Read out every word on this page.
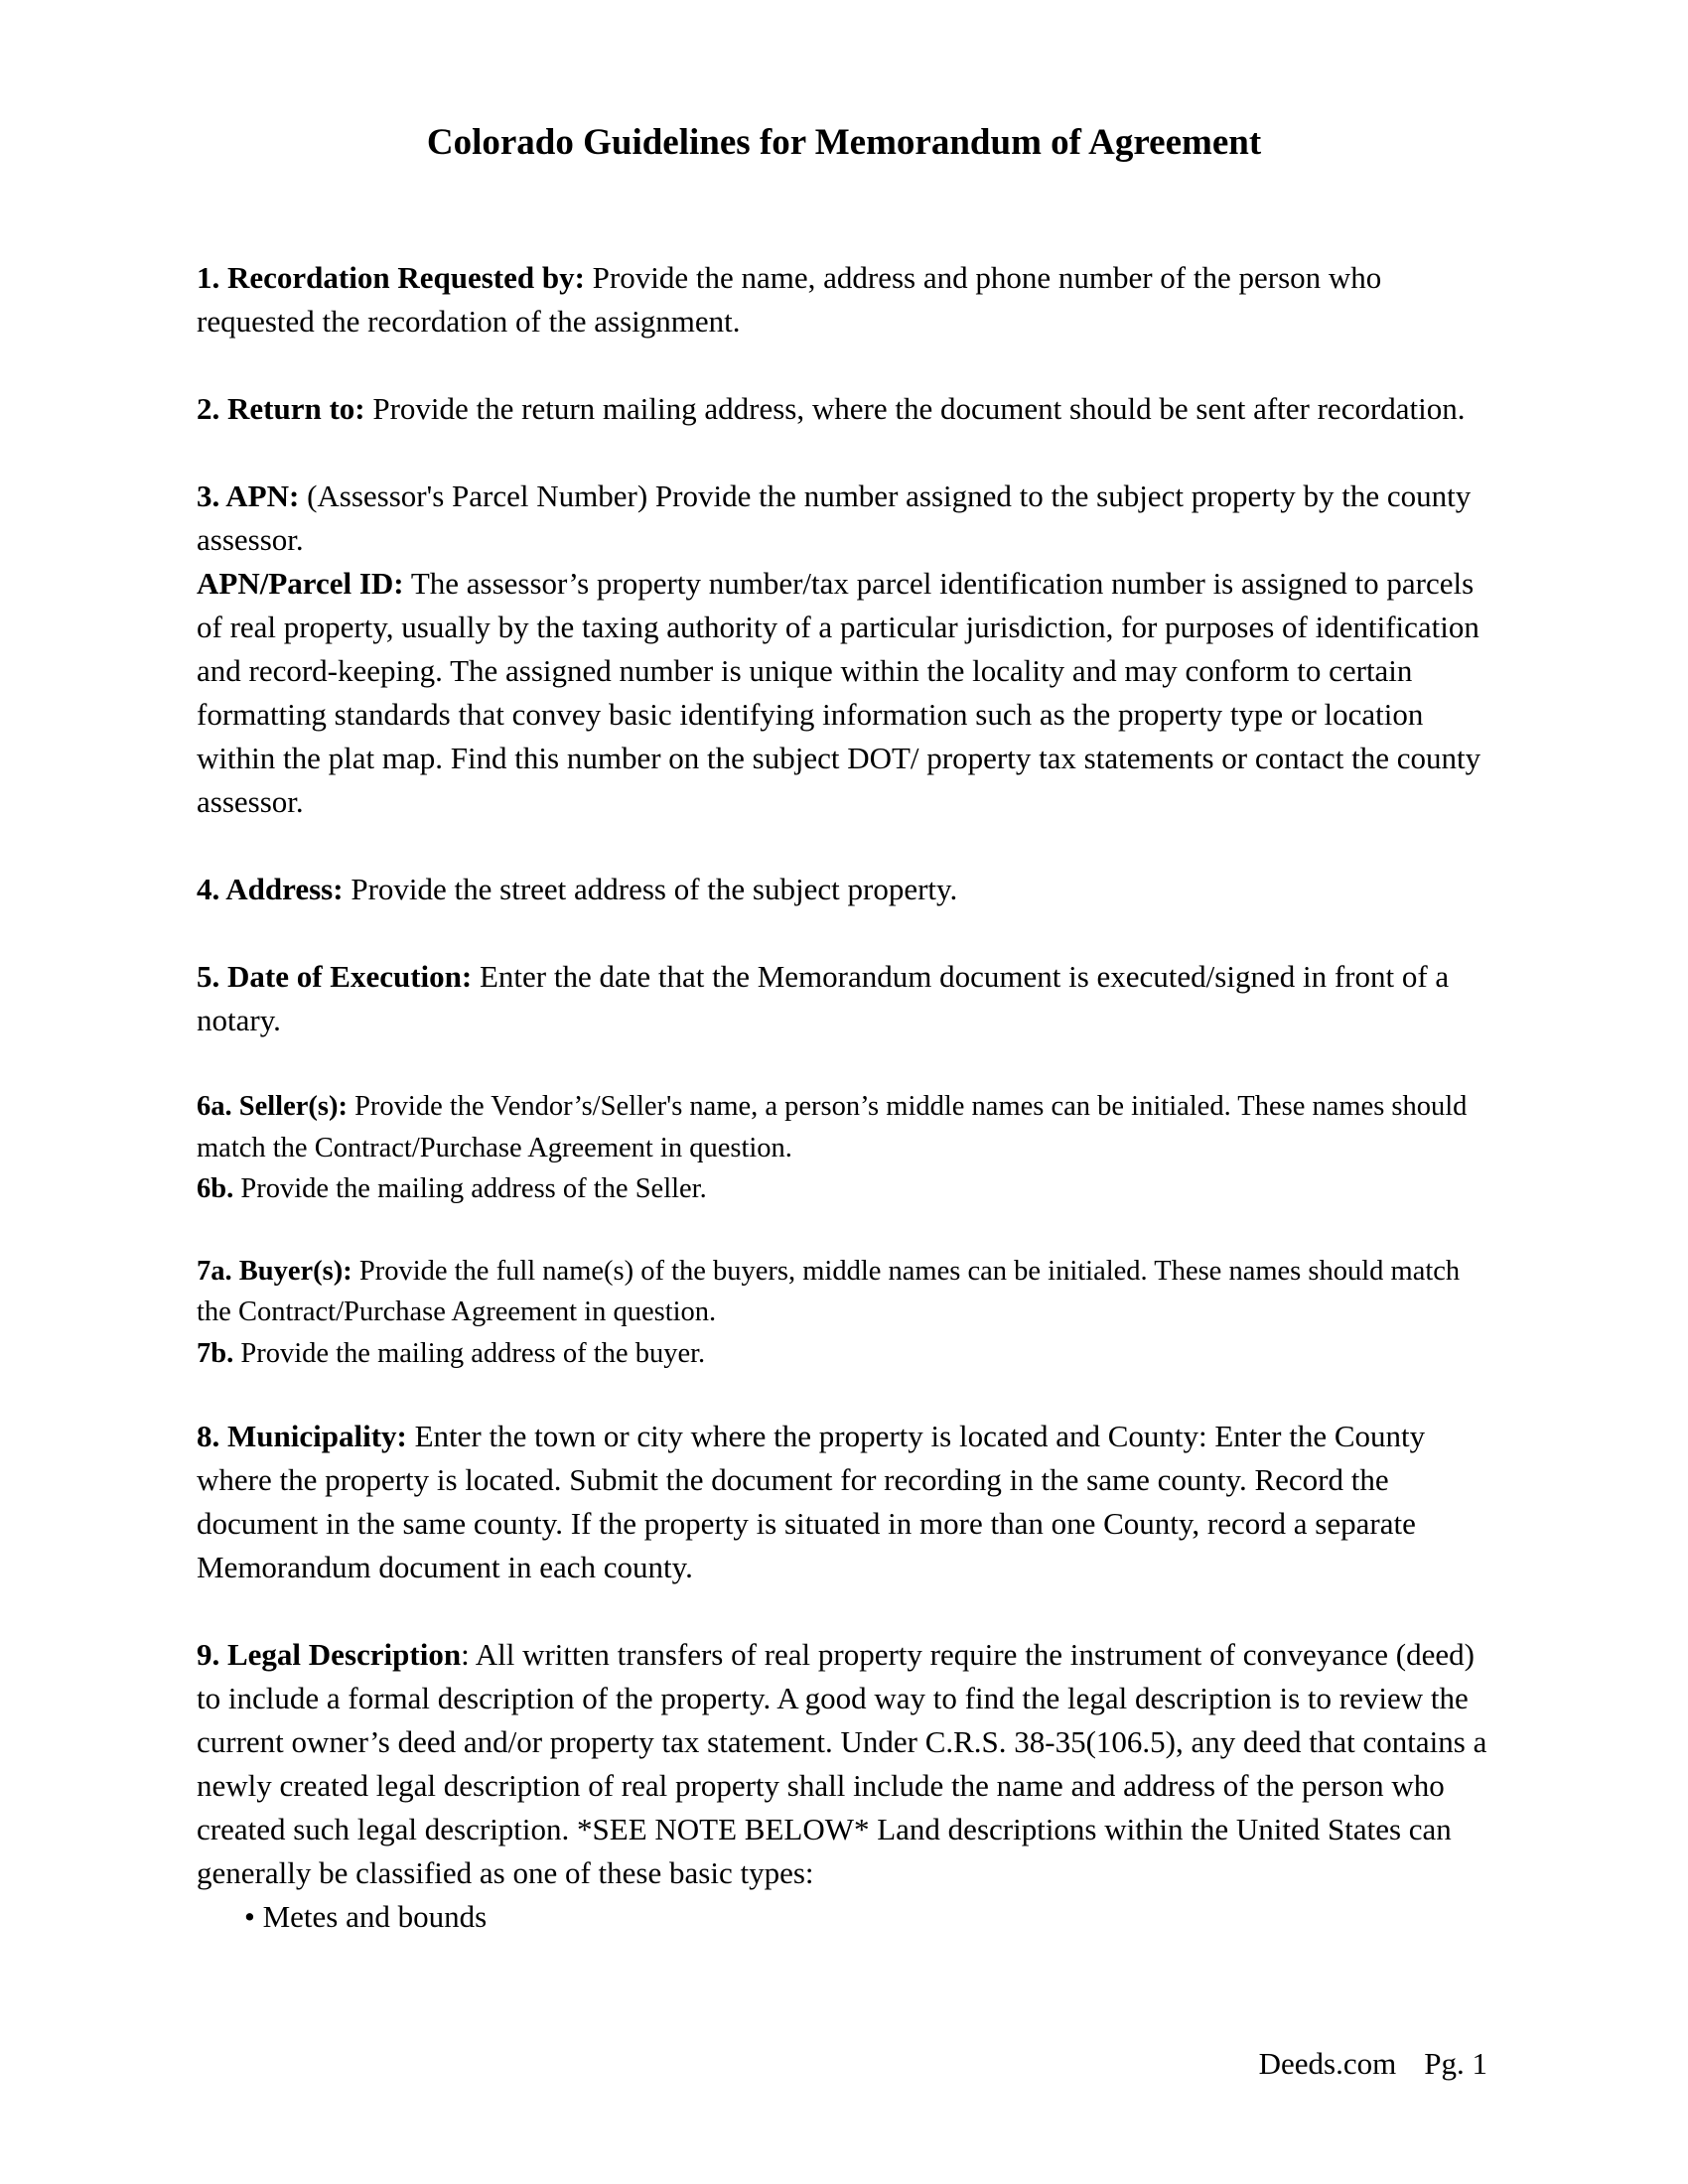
Colorado Guidelines for Memorandum of Agreement

1. Recordation Requested by: Provide the name, address and phone number of the person who requested the recordation of the assignment.

2. Return to: Provide the return mailing address, where the document should be sent after recordation.

3. APN: (Assessor's Parcel Number) Provide the number assigned to the subject property by the county assessor.

APN/Parcel ID: The assessor’s property number/tax parcel identification number is assigned to parcels of real property, usually by the taxing authority of a particular jurisdiction, for purposes of identification and record-keeping. The assigned number is unique within the locality and may conform to certain formatting standards that convey basic identifying information such as the property type or location within the plat map. Find this number on the subject DOT/ property tax statements or contact the county assessor.

4. Address: Provide the street address of the subject property.

5. Date of Execution: Enter the date that the Memorandum document is executed/signed in front of a notary.

6a. Seller(s): Provide the Vendor’s/Seller's name, a person’s middle names can be initialed. These names should match the Contract/Purchase Agreement in question.

6b. Provide the mailing address of the Seller.

7a. Buyer(s): Provide the full name(s) of the buyers, middle names can be initialed. These names should match the Contract/Purchase Agreement in question.

7b. Provide the mailing address of the buyer.

8. Municipality: Enter the town or city where the property is located and County: Enter the County where the property is located. Submit the document for recording in the same county. Record the document in the same county. If the property is situated in more than one County, record a separate Memorandum document in each county.

9. Legal Description: All written transfers of real property require the instrument of conveyance (deed) to include a formal description of the property. A good way to find the legal description is to review the current owner’s deed and/or property tax statement. Under C.R.S. 38-35(106.5), any deed that contains a newly created legal description of real property shall include the name and address of the person who created such legal description. *SEE NOTE BELOW* Land descriptions within the United States can generally be classified as one of these basic types:

• Metes and bounds
Deeds.com Pg. 1
